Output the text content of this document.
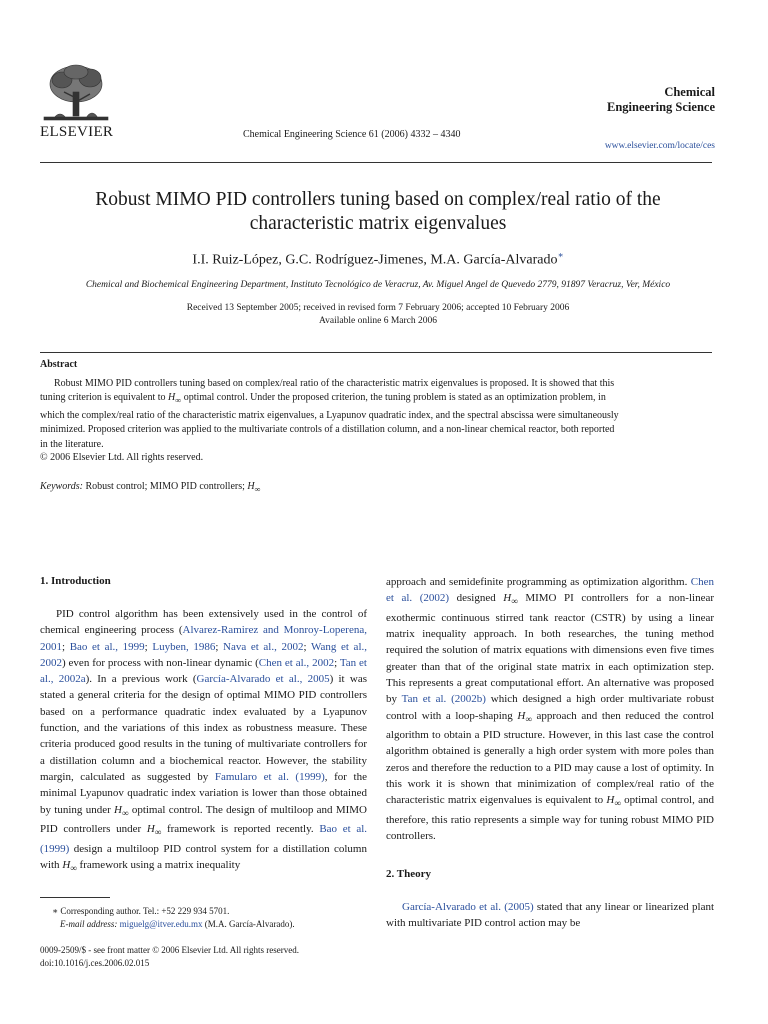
ELSEVIER	Chemical Engineering Science 61 (2006) 4332 – 4340
Chemical
Engineering Science
www.elsevier.com/locate/ces
Robust MIMO PID controllers tuning based on complex/real ratio of the
characteristic matrix eigenvalues
I.I. Ruiz-López, G.C. Rodríguez-Jimenes, M.A. García-Alvarado∗
Chemical and Biochemical Engineering Department, Instituto Tecnológico de Veracruz, Av. Miguel Angel de Quevedo 2779, 91897 Veracruz, Ver, México
Received 13 September 2005; received in revised form 7 February 2006; accepted 10 February 2006
Available online 6 March 2006
Abstract
Robust MIMO PID controllers tuning based on complex/real ratio of the characteristic matrix eigenvalues is proposed. It is showed that this
tuning criterion is equivalent to $H_\infty$ optimal control. Under the proposed criterion, the tuning problem is stated as an optimization problem, in
which the complex/real ratio of the characteristic matrix eigenvalues, a Lyapunov quadratic index, and the spectral abscissa were simultaneously
minimized. Proposed criterion was applied to the multivariate controls of a distillation column, and a non-linear chemical reactor, both reported
in the literature.
© 2006 Elsevier Ltd. All rights reserved.
Keywords: Robust control; MIMO PID controllers; $H_\infty$
1. Introduction
PID control algorithm has been extensively used in the control of chemical engineering process (Alvarez-Ramirez and Monroy-Loperena, 2001; Bao et al., 1999; Luyben, 1986; Nava et al., 2002; Wang et al., 2002) even for process with non-linear dynamic (Chen et al., 2002; Tan et al., 2002a). In a previous work (García-Alvarado et al., 2005) it was stated a general criteria for the design of optimal MIMO PID controllers based on a performance quadratic index evaluated by a Lyapunov function, and the variations of this index as robustness measure. These criteria produced good results in the tuning of multivariate controllers for a distillation column and a biochemical reactor. However, the stability margin, calculated as suggested by Famularo et al. (1999), for the minimal Lyapunov quadratic index variation is lower than those obtained by tuning under $H_\infty$ optimal control. The design of multiloop and MIMO PID controllers under $H_\infty$ framework is reported recently. Bao et al. (1999) design a multiloop PID control system for a distillation column with $H_\infty$ framework using a matrix inequality
approach and semidefinite programming as optimization algorithm. Chen et al. (2002) designed $H_\infty$ MIMO PI controllers for a non-linear exothermic continuous stirred tank reactor (CSTR) by using a linear matrix inequality approach. In both researches, the tuning method required the solution of matrix equations with dimensions even five times greater than that of the original state matrix in each optimization step. This represents a great computational effort. An alternative was proposed by Tan et al. (2002b) which designed a high order multivariate robust control with a loop-shaping $H_\infty$ approach and then reduced the control algorithm to obtain a PID structure. However, in this last case the control algorithm obtained is generally a high order system with more poles than zeros and therefore the reduction to a PID may cause a lost of optimity. In this work it is shown that minimization of complex/real ratio of the characteristic matrix eigenvalues is equivalent to $H_\infty$ optimal control, and therefore, this ratio represents a simple way for tuning robust MIMO PID controllers.
2. Theory
García-Alvarado et al. (2005) stated that any linear or linearized plant with multivariate PID control action may be
∗ Corresponding author. Tel.: +52 229 934 5701.
E-mail address: miguelg@itver.edu.mx (M.A. García-Alvarado).
0009-2509/$ - see front matter © 2006 Elsevier Ltd. All rights reserved.
doi:10.1016/j.ces.2006.02.015
